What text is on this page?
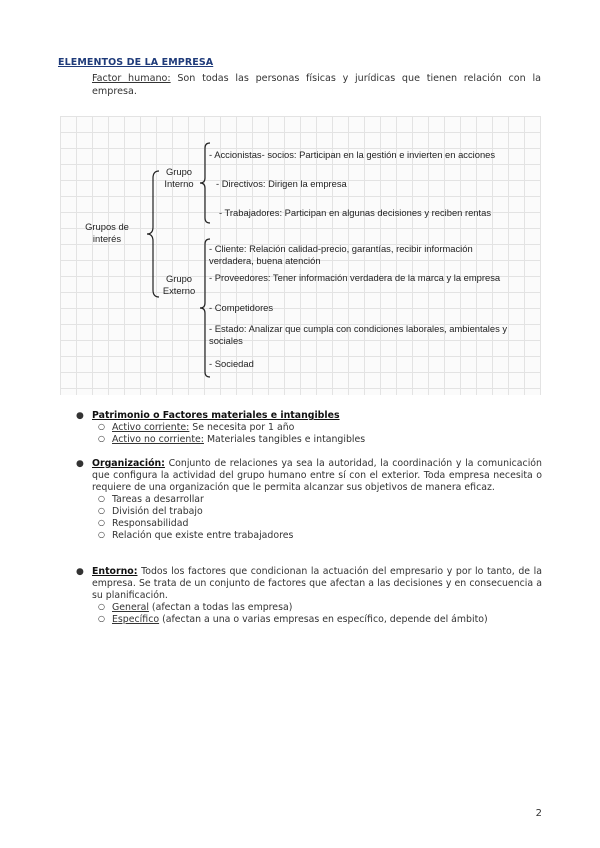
ELEMENTOS DE LA EMPRESA
Factor humano: Son todas las personas físicas y jurídicas que tienen relación con la empresa.
Grupos de interés
Grupo Interno
Grupo Externo
- Accionistas- socios: Participan en la gestión e invierten en acciones
- Directivos: Dirigen la empresa
- Trabajadores: Participan en algunas decisiones y reciben rentas
- Cliente: Relación calidad-precio, garantías, recibir información verdadera, buena atención
- Proveedores: Tener información verdadera de la marca y la empresa
- Competidores
- Estado: Analizar que cumpla con condiciones laborales, ambientales y sociales
- Sociedad
● Patrimonio o Factores materiales e intangibles
○ Activo corriente: Se necesita por 1 año
○ Activo no corriente: Materiales tangibles e intangibles
● Organización: Conjunto de relaciones ya sea la autoridad, la coordinación y la comunicación que configura la actividad del grupo humano entre sí con el exterior. Toda empresa necesita o requiere de una organización que le permita alcanzar sus objetivos de manera eficaz.
○ Tareas a desarrollar
○ División del trabajo
○ Responsabilidad
○ Relación que existe entre trabajadores
● Entorno: Todos los factores que condicionan la actuación del empresario y por lo tanto, de la empresa. Se trata de un conjunto de factores que afectan a las decisiones y en consecuencia a su planificación.
○ General (afectan a todas las empresa)
○ Específico (afectan a una o varias empresas en específico, depende del ámbito)
2
